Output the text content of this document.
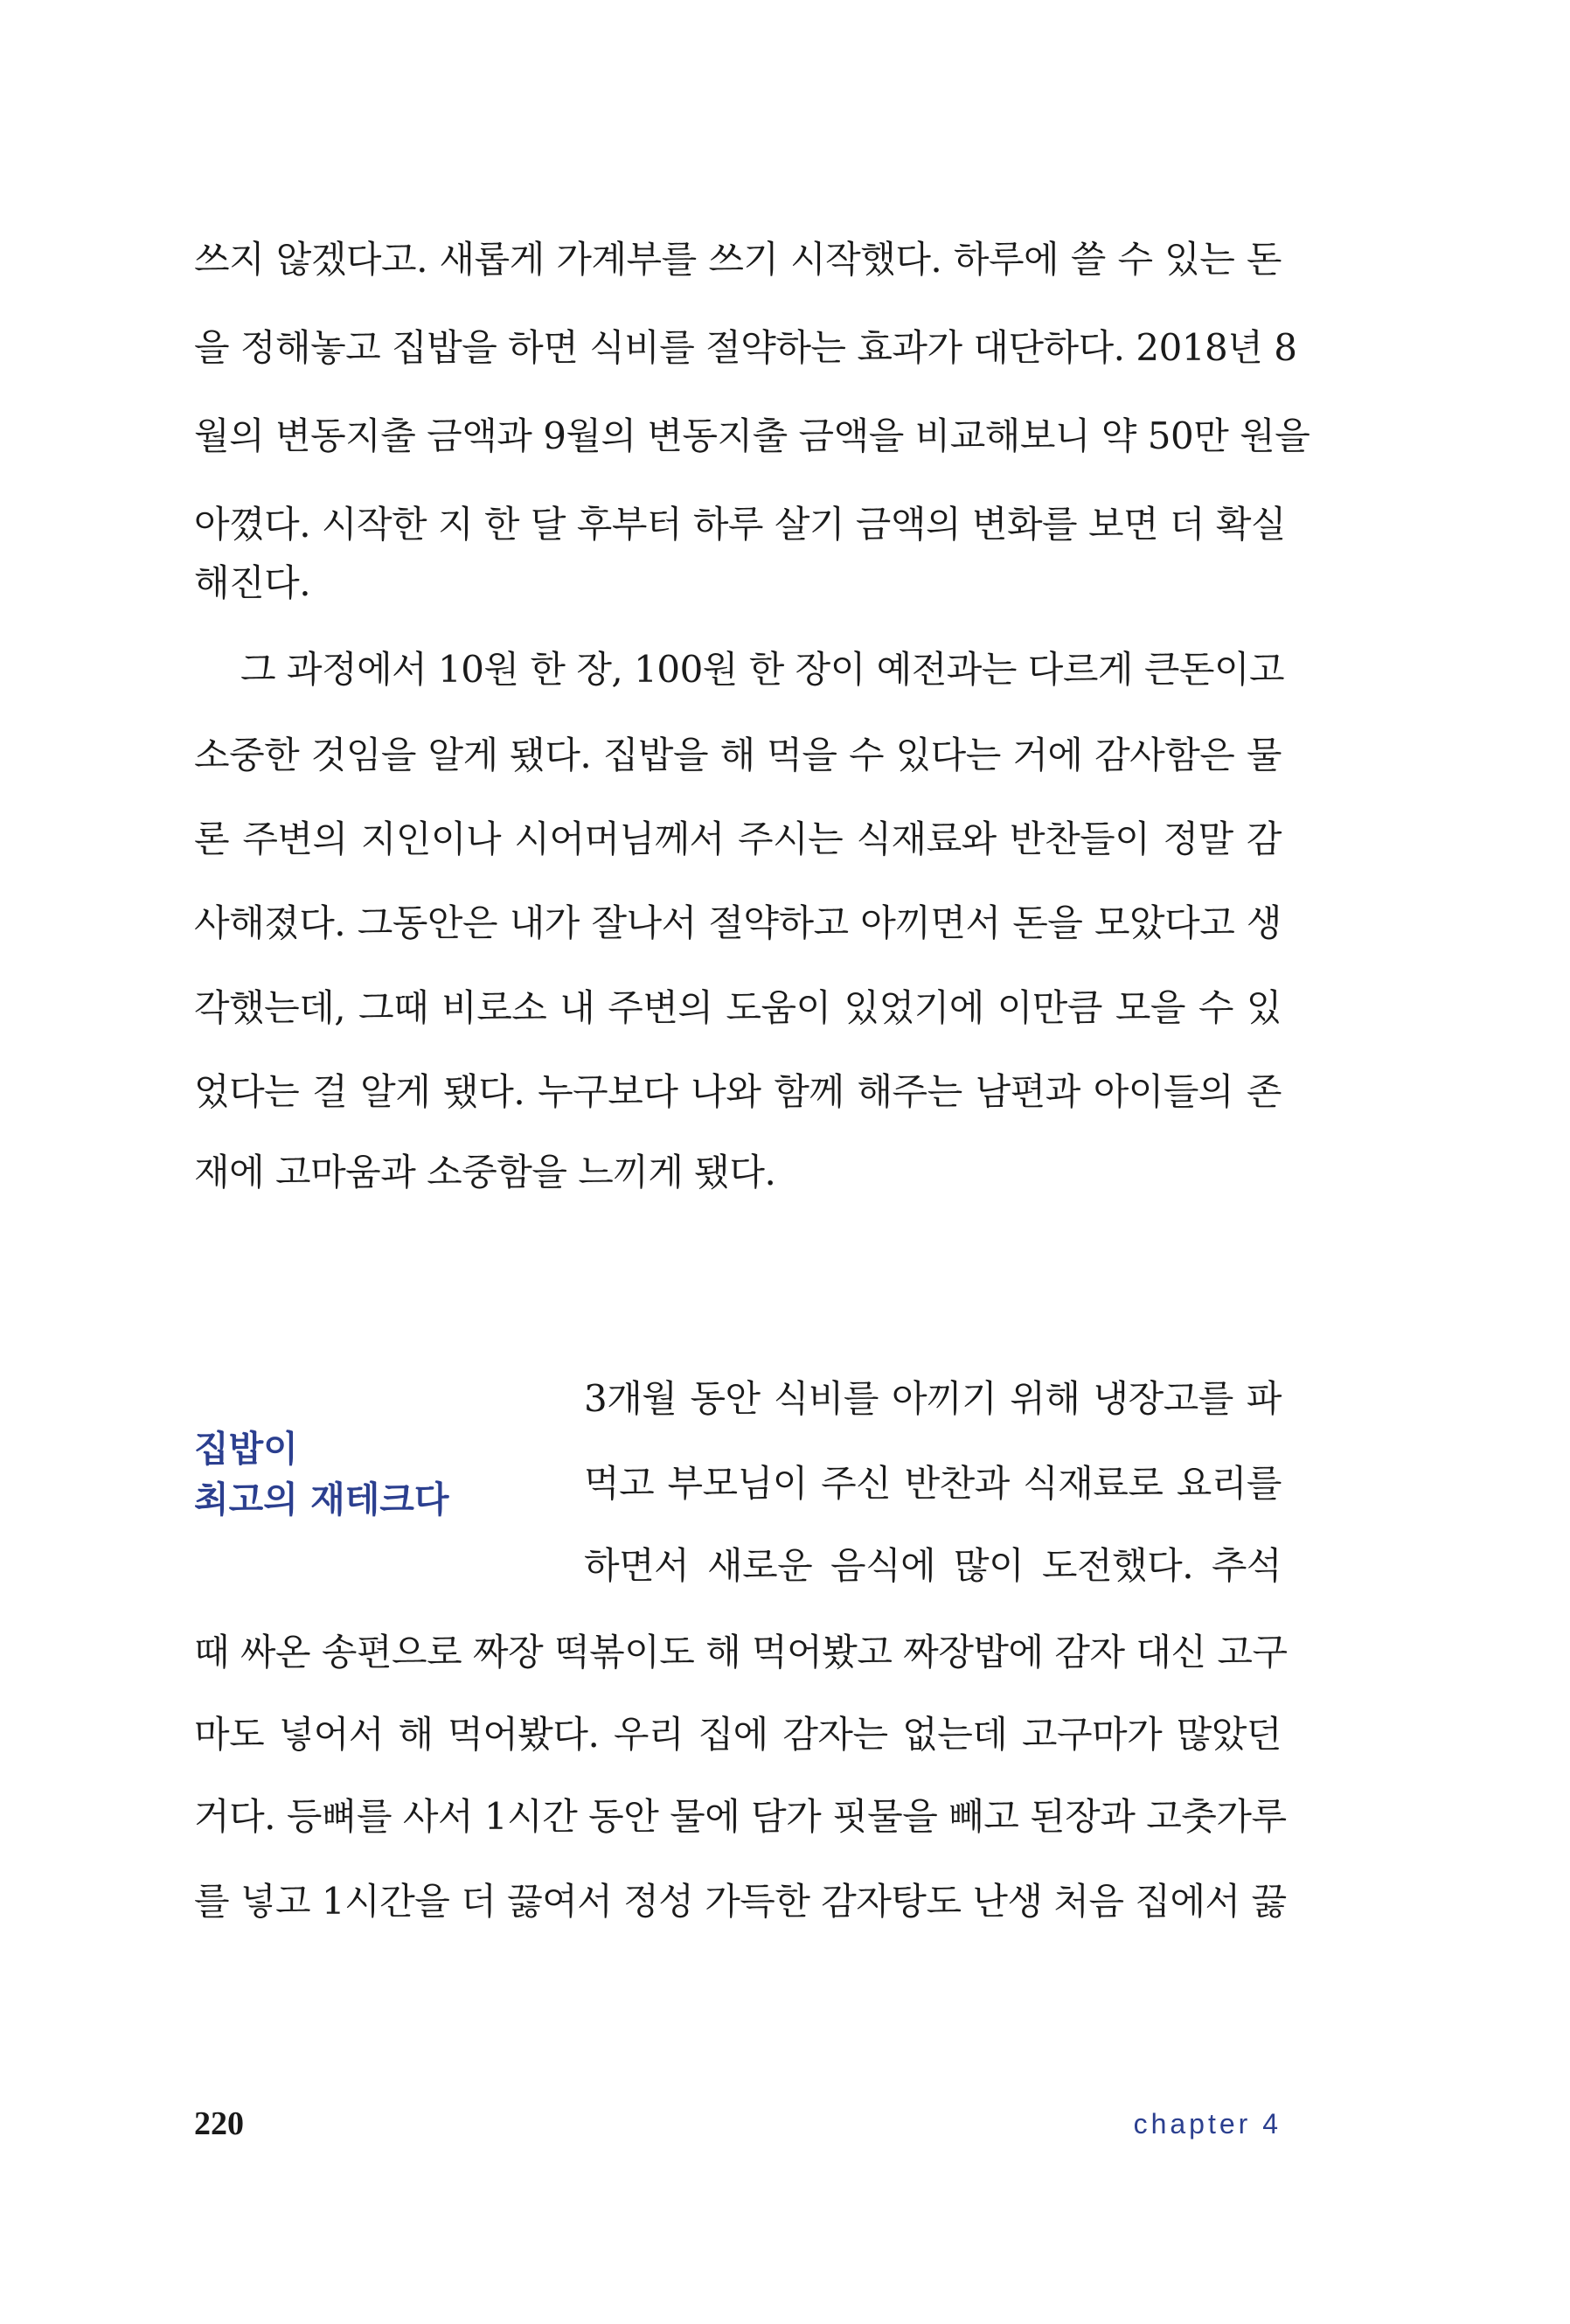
쓰지 않겠다고. 새롭게 가계부를 쓰기 시작했다. 하루에 쓸 수 있는 돈
을 정해놓고 집밥을 하면 식비를 절약하는 효과가 대단하다. 2018년 8
월의 변동지출 금액과 9월의 변동지출 금액을 비교해보니 약 50만 원을
아꼈다. 시작한 지 한 달 후부터 하루 살기 금액의 변화를 보면 더 확실
해진다.
그 과정에서 10원 한 장, 100원 한 장이 예전과는 다르게 큰돈이고
소중한 것임을 알게 됐다. 집밥을 해 먹을 수 있다는 거에 감사함은 물
론 주변의 지인이나 시어머님께서 주시는 식재료와 반찬들이 정말 감
사해졌다. 그동안은 내가 잘나서 절약하고 아끼면서 돈을 모았다고 생
각했는데, 그때 비로소 내 주변의 도움이 있었기에 이만큼 모을 수 있
었다는 걸 알게 됐다. 누구보다 나와 함께 해주는 남편과 아이들의 존
재에 고마움과 소중함을 느끼게 됐다.
집밥이
최고의 재테크다
3개월 동안 식비를 아끼기 위해 냉장고를 파
먹고 부모님이 주신 반찬과 식재료로 요리를
하면서 새로운 음식에 많이 도전했다. 추석
때 싸온 송편으로 짜장 떡볶이도 해 먹어봤고 짜장밥에 감자 대신 고구
마도 넣어서 해 먹어봤다. 우리 집에 감자는 없는데 고구마가 많았던
거다. 등뼈를 사서 1시간 동안 물에 담가 핏물을 빼고 된장과 고춧가루
를 넣고 1시간을 더 끓여서 정성 가득한 감자탕도 난생 처음 집에서 끓
220	chapter 4
